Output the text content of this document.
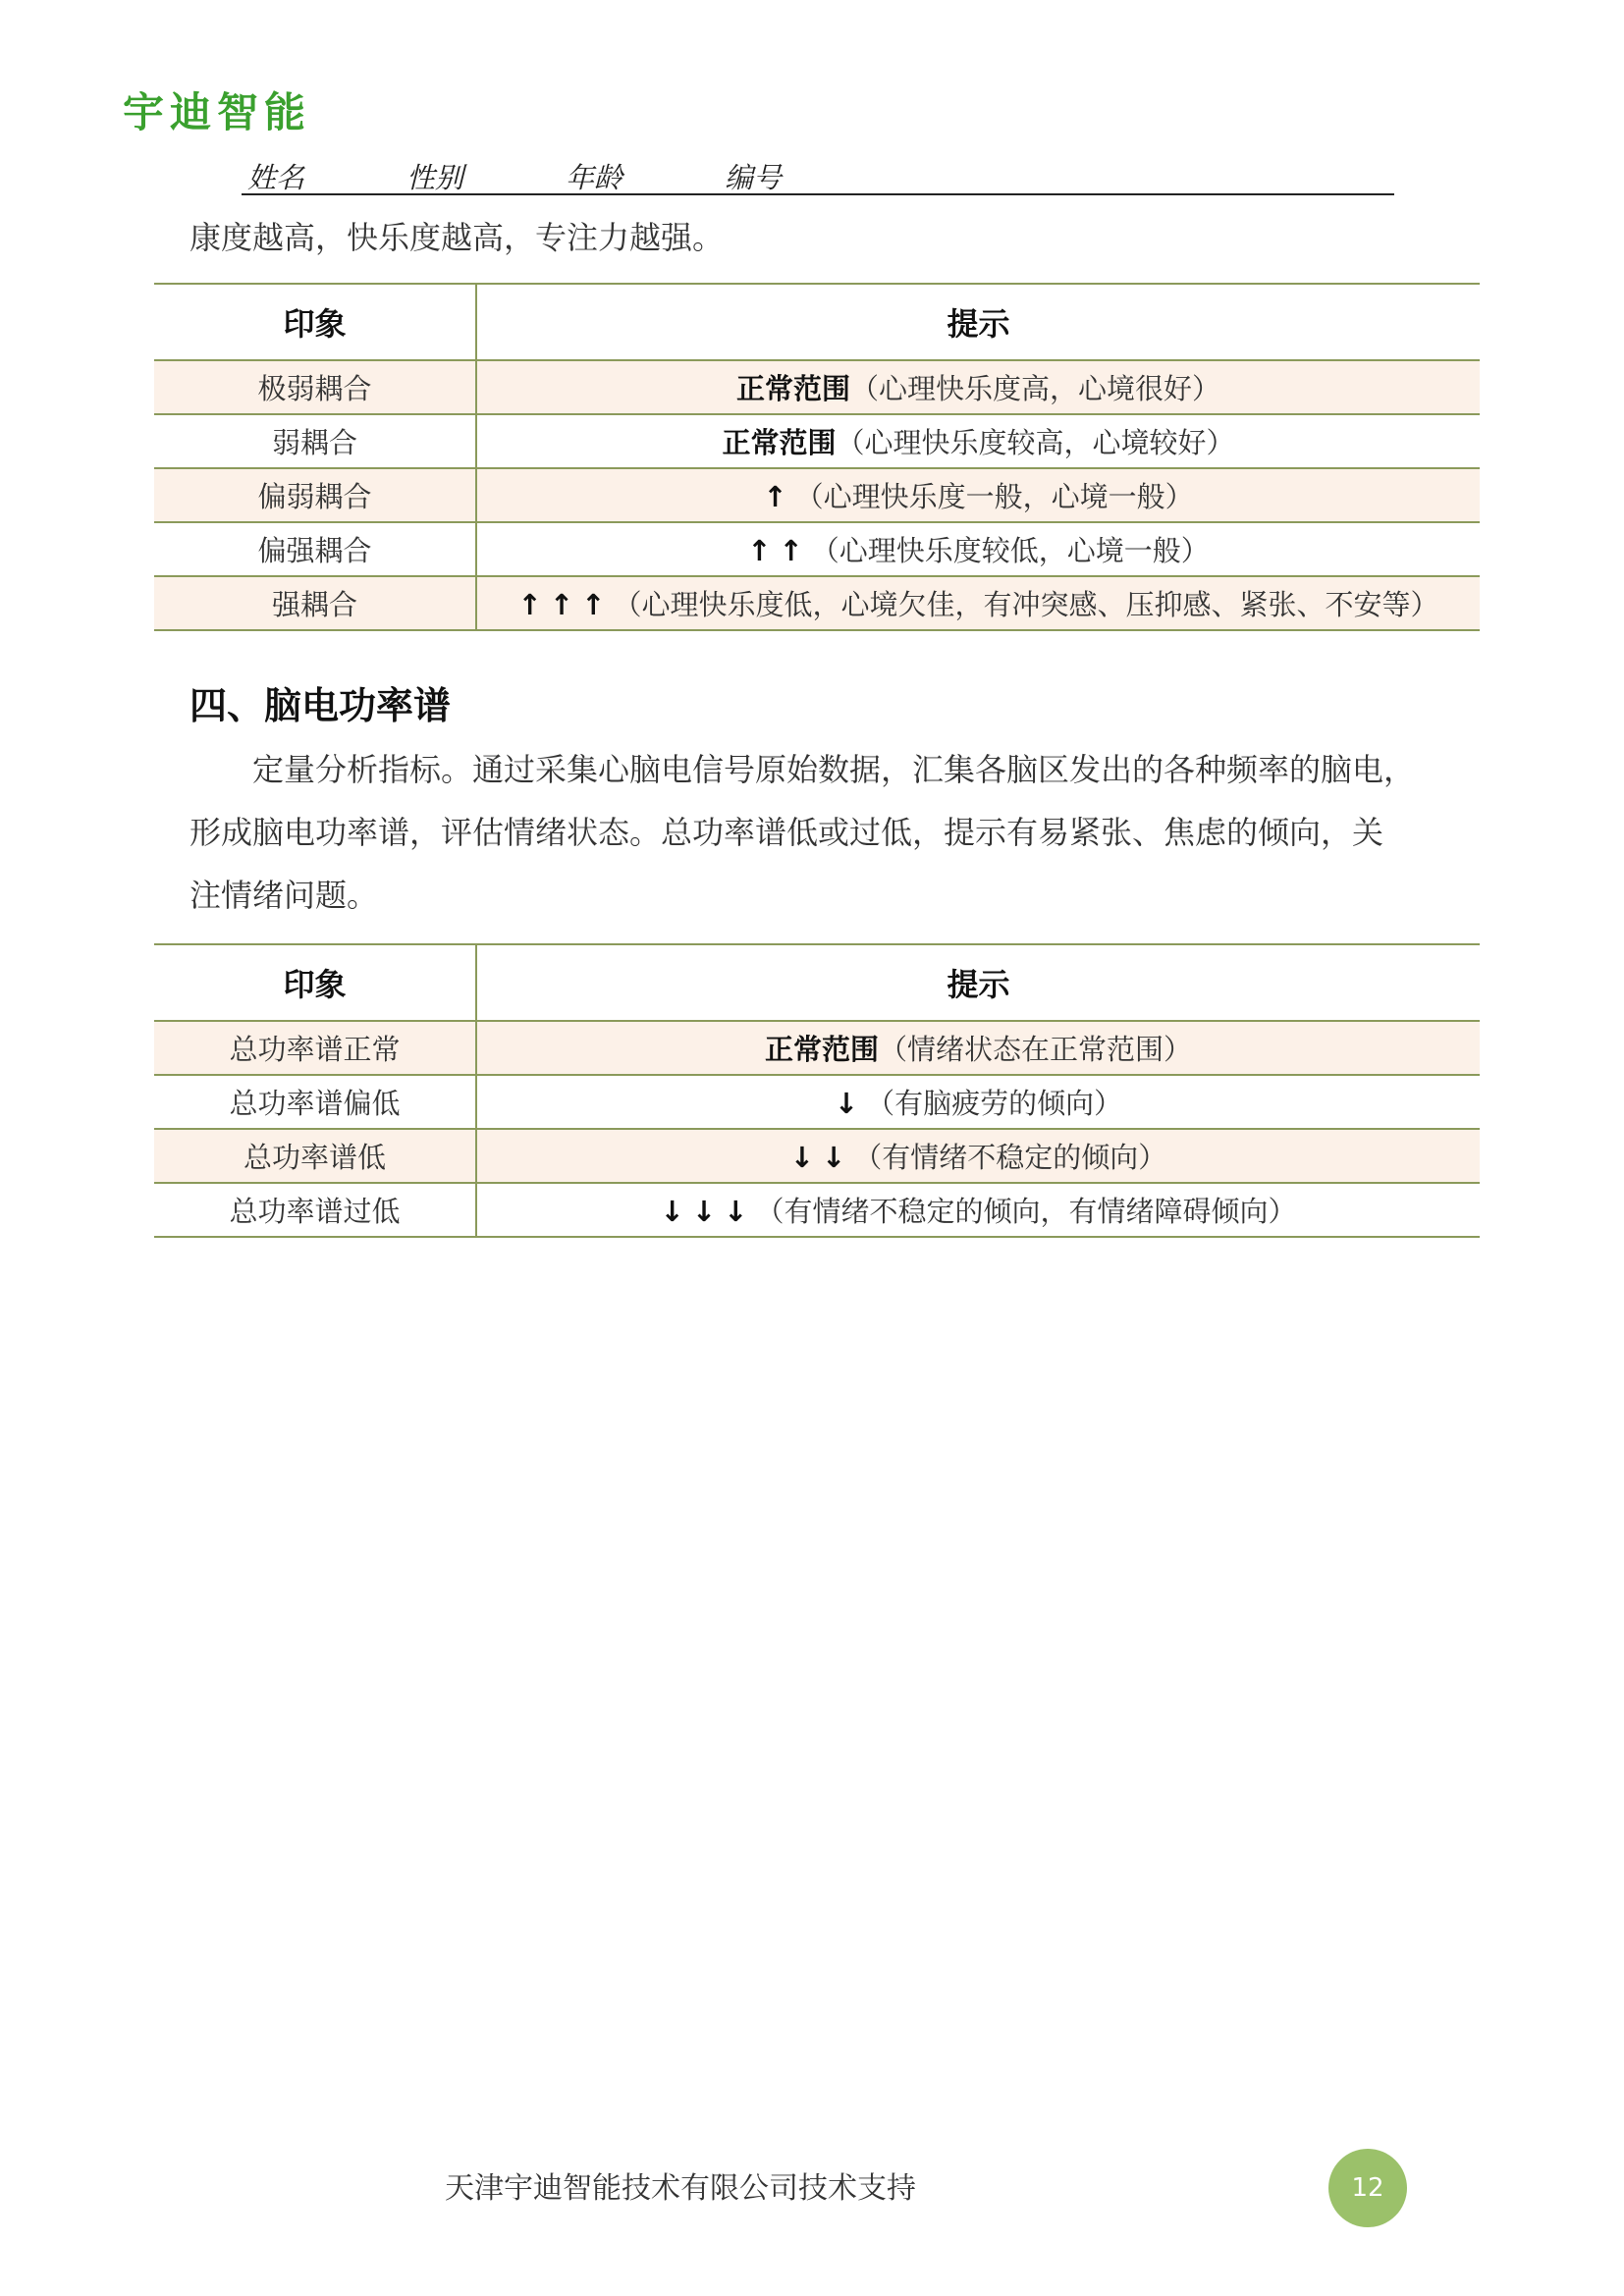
宇迪智能
姓名	性别	年龄	编号

康度越高，快乐度越高，专注力越强。

印象	提示
极弱耦合	正常范围（心理快乐度高，心境很好）
弱耦合	正常范围（心理快乐度较高，心境较好）
偏弱耦合	↑（心理快乐度一般，心境一般）
偏强耦合	↑↑（心理快乐度较低，心境一般）
强耦合	↑↑↑（心理快乐度低，心境欠佳，有冲突感、压抑感、紧张、不安等）
四、脑电功率谱

　　定量分析指标。通过采集心脑电信号原始数据，汇集各脑区发出的各种频率的脑电，

形成脑电功率谱，评估情绪状态。总功率谱低或过低，提示有易紧张、焦虑的倾向，关

注情绪问题。

印象	提示
总功率谱正常	正常范围（情绪状态在正常范围）
总功率谱偏低	↓（有脑疲劳的倾向）
总功率谱低	↓↓（有情绪不稳定的倾向）
总功率谱过低	↓↓↓（有情绪不稳定的倾向，有情绪障碍倾向）
天津宇迪智能技术有限公司技术支持	12
